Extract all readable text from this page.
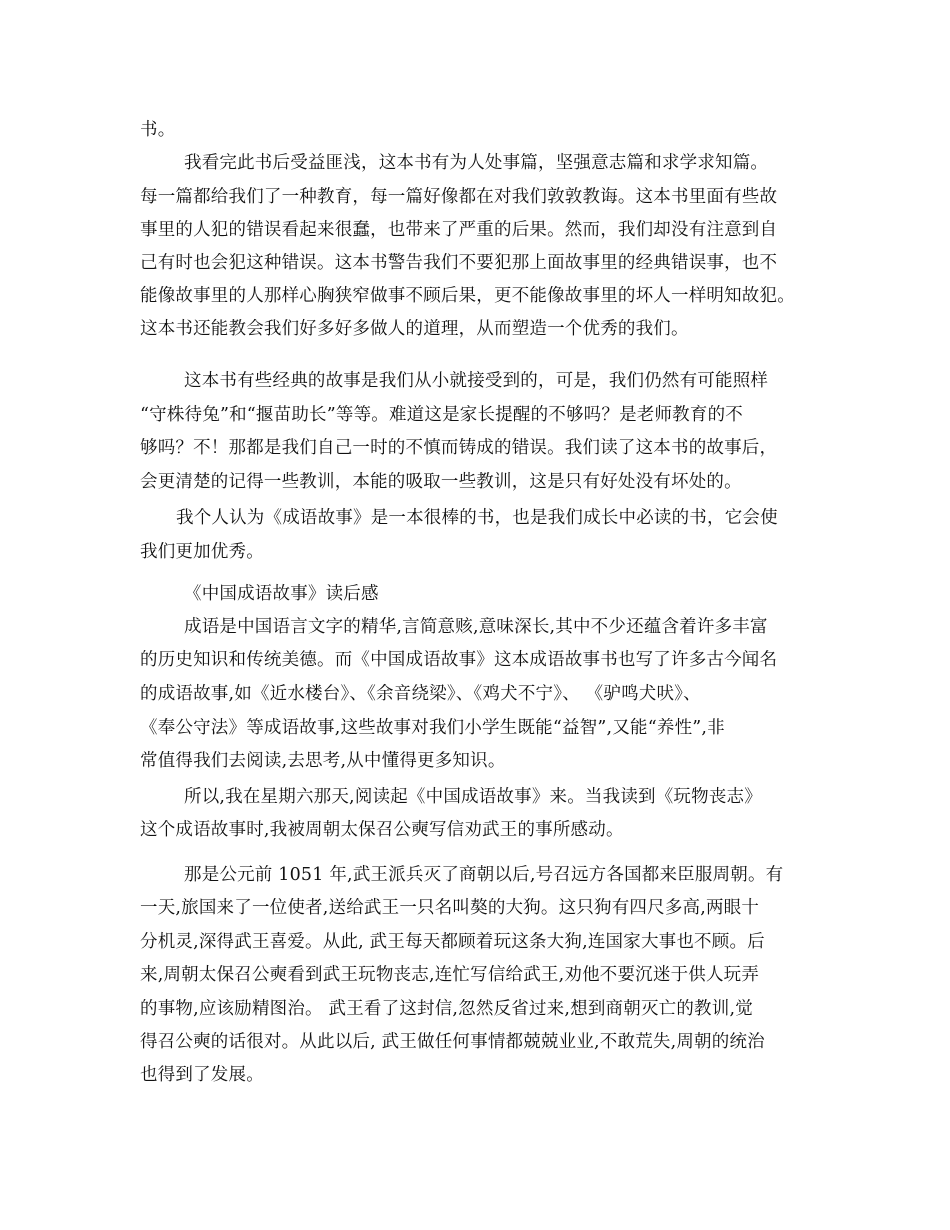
书。
我看完此书后受益匪浅，这本书有为人处事篇，坚强意志篇和求学求知篇。
每一篇都给我们了一种教育，每一篇好像都在对我们敦敦教诲。这本书里面有些故
事里的人犯的错误看起来很蠢，也带来了严重的后果。然而，我们却没有注意到自
己有时也会犯这种错误。这本书警告我们不要犯那上面故事里的经典错误事，也不
能像故事里的人那样心胸狭窄做事不顾后果，更不能像故事里的坏人一样明知故犯。
这本书还能教会我们好多好多做人的道理，从而塑造一个优秀的我们。
这本书有些经典的故事是我们从小就接受到的，可是，我们仍然有可能照样
“守株待兔”和“揠苗助长”等等。难道这是家长提醒的不够吗？是老师教育的不
够吗？不！那都是我们自己一时的不慎而铸成的错误。我们读了这本书的故事后，
会更清楚的记得一些教训，本能的吸取一些教训，这是只有好处没有坏处的。
我个人认为《成语故事》是一本很棒的书，也是我们成长中必读的书，它会使
我们更加优秀。
《中国成语故事》读后感
成语是中国语言文字的精华,言简意赅,意味深长,其中不少还蕴含着许多丰富
的历史知识和传统美德。而《中国成语故事》这本成语故事书也写了许多古今闻名
的成语故事,如《近水楼台》、《余音绕梁》、《鸡犬不宁》、 《驴鸣犬吠》、
《奉公守法》等成语故事,这些故事对我们小学生既能“益智”,又能“养性”,非
常值得我们去阅读,去思考,从中懂得更多知识。
所以,我在星期六那天,阅读起《中国成语故事》来。当我读到《玩物丧志》
这个成语故事时,我被周朝太保召公奭写信劝武王的事所感动。
那是公元前 1051 年,武王派兵灭了商朝以后,号召远方各国都来臣服周朝。有
一天,旅国来了一位使者,送给武王一只名叫獒的大狗。这只狗有四尺多高,两眼十
分机灵,深得武王喜爱。从此, 武王每天都顾着玩这条大狗,连国家大事也不顾。后
来,周朝太保召公奭看到武王玩物丧志,连忙写信给武王,劝他不要沉迷于供人玩弄
的事物,应该励精图治。 武王看了这封信,忽然反省过来,想到商朝灭亡的教训,觉
得召公奭的话很对。从此以后, 武王做任何事情都兢兢业业,不敢荒失,周朝的统治
也得到了发展。
